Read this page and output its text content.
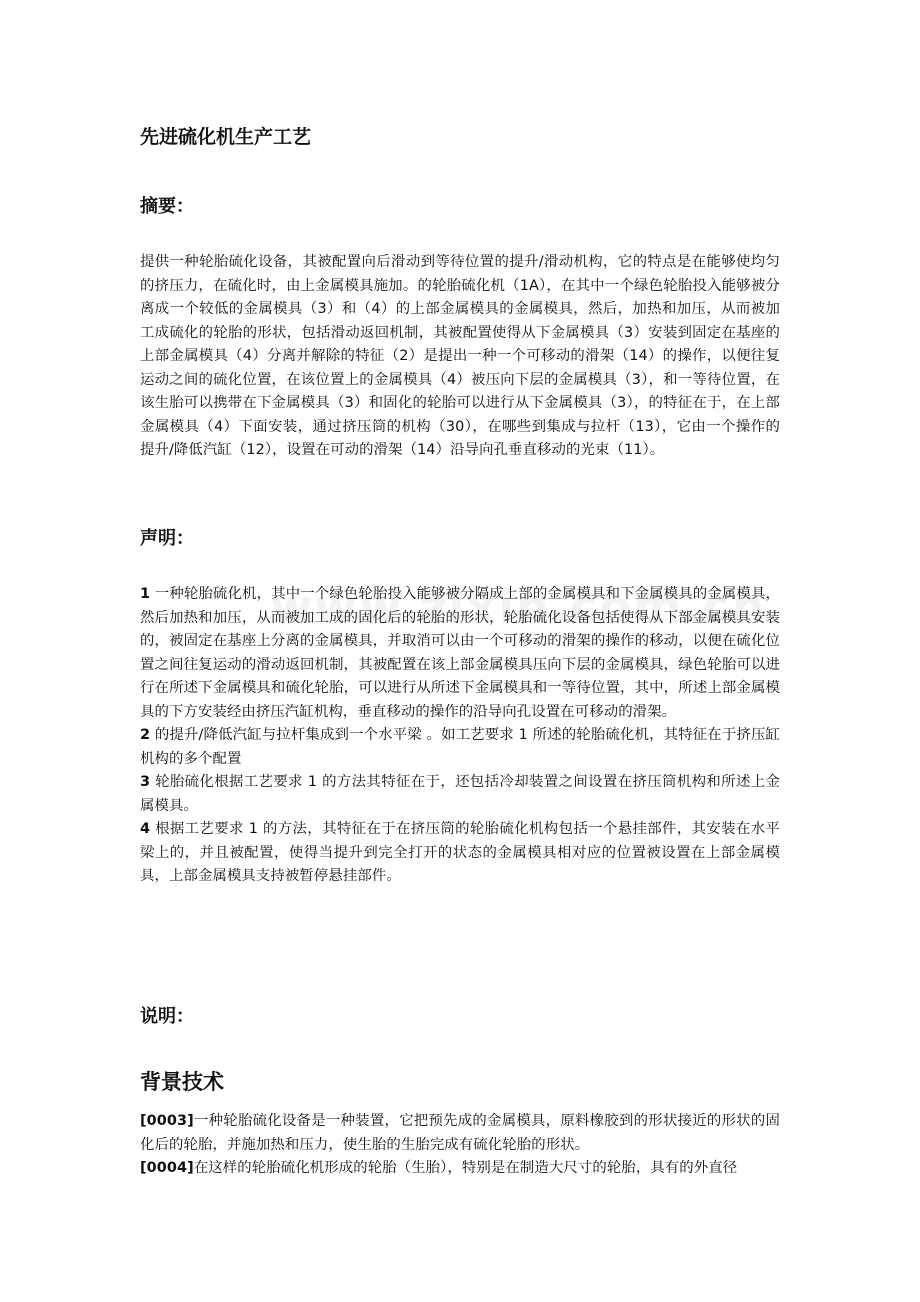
先进硫化机生产工艺
摘要：
提供一种轮胎硫化设备，其被配置向后滑动到等待位置的提升/滑动机构，它的特点是在能够使均匀的挤压力，在硫化时，由上金属模具施加。的轮胎硫化机（1A），在其中一个绿色轮胎投入能够被分离成一个较低的金属模具（3）和（4）的上部金属模具的金属模具，然后，加热和加压，从而被加工成硫化的轮胎的形状，包括滑动返回机制，其被配置使得从下金属模具（3）安装到固定在基座的上部金属模具（4）分离并解除的特征（2）是提出一种一个可移动的滑架（14）的操作，以便往复运动之间的硫化位置，在该位置上的金属模具（4）被压向下层的金属模具（3），和一等待位置，在该生胎可以携带在下金属模具（3）和固化的轮胎可以进行从下金属模具（3），的特征在于，在上部金属模具（4）下面安装，通过挤压筒的机构（30），在哪些到集成与拉杆（13），它由一个操作的提升/降低汽缸（12），设置在可动的滑架（14）沿导向孔垂直移动的光束（11）。
声明：
1 一种轮胎硫化机，其中一个绿色轮胎投入能够被分隔成上部的金属模具和下金属模具的金属模具，然后加热和加压，从而被加工成的固化后的轮胎的形状，轮胎硫化设备包括使得从下部金属模具安装的，被固定在基座上分离的金属模具，并取消可以由一个可移动的滑架的操作的移动，以便在硫化位置之间往复运动的滑动返回机制，其被配置在该上部金属模具压向下层的金属模具，绿色轮胎可以进行在所述下金属模具和硫化轮胎，可以进行从所述下金属模具和一等待位置，其中，所述上部金属模具的下方安装经由挤压汽缸机构，垂直移动的操作的沿导向孔设置在可移动的滑架。
2 的提升/降低汽缸与拉杆集成到一个水平梁 。如工艺要求 1 所述的轮胎硫化机，其特征在于挤压缸机构的多个配置
3 轮胎硫化根据工艺要求 1 的方法其特征在于，还包括冷却装置之间设置在挤压筒机构和所述上金属模具。
4 根据工艺要求 1 的方法，其特征在于在挤压筒的轮胎硫化机构包括一个悬挂部件，其安装在水平梁上的，并且被配置，使得当提升到完全打开的状态的金属模具相对应的位置被设置在上部金属模具，上部金属模具支持被暂停悬挂部件。
说明：
背景技术
[0003]一种轮胎硫化设备是一种装置，它把预先成的金属模具，原料橡胶到的形状接近的形状的固化后的轮胎，并施加热和压力，使生胎的生胎完成有硫化轮胎的形状。
[0004]在这样的轮胎硫化机形成的轮胎（生胎），特别是在制造大尺寸的轮胎，具有的外直径
